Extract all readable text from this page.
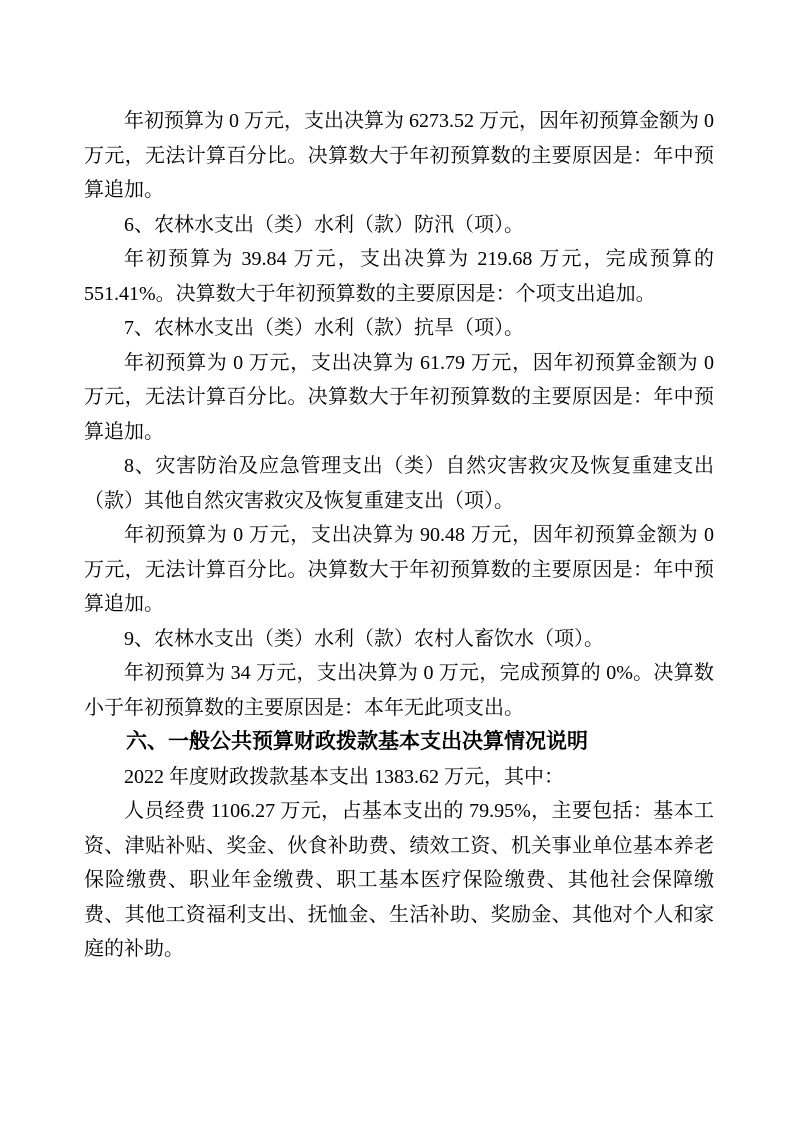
年初预算为 0 万元，支出决算为 6273.52 万元，因年初预算金额为 0 万元，无法计算百分比。决算数大于年初预算数的主要原因是：年中预算追加。

6、农林水支出（类）水利（款）防汛（项）。

年初预算为 39.84 万元，支出决算为 219.68 万元，完成预算的 551.41%。决算数大于年初预算数的主要原因是：个项支出追加。

7、农林水支出（类）水利（款）抗旱（项）。

年初预算为 0 万元，支出决算为 61.79 万元，因年初预算金额为 0 万元，无法计算百分比。决算数大于年初预算数的主要原因是：年中预算追加。

8、灾害防治及应急管理支出（类）自然灾害救灾及恢复重建支出（款）其他自然灾害救灾及恢复重建支出（项）。

年初预算为 0 万元，支出决算为 90.48 万元，因年初预算金额为 0 万元，无法计算百分比。决算数大于年初预算数的主要原因是：年中预算追加。

9、农林水支出（类）水利（款）农村人畜饮水（项）。

年初预算为 34 万元，支出决算为 0 万元，完成预算的 0%。决算数小于年初预算数的主要原因是：本年无此项支出。

六、一般公共预算财政拨款基本支出决算情况说明

2022 年度财政拨款基本支出 1383.62 万元，其中：

人员经费 1106.27 万元，占基本支出的 79.95%，主要包括：基本工资、津贴补贴、奖金、伙食补助费、绩效工资、机关事业单位基本养老保险缴费、职业年金缴费、职工基本医疗保险缴费、其他社会保障缴费、其他工资福利支出、抚恤金、生活补助、奖励金、其他对个人和家庭的补助。
